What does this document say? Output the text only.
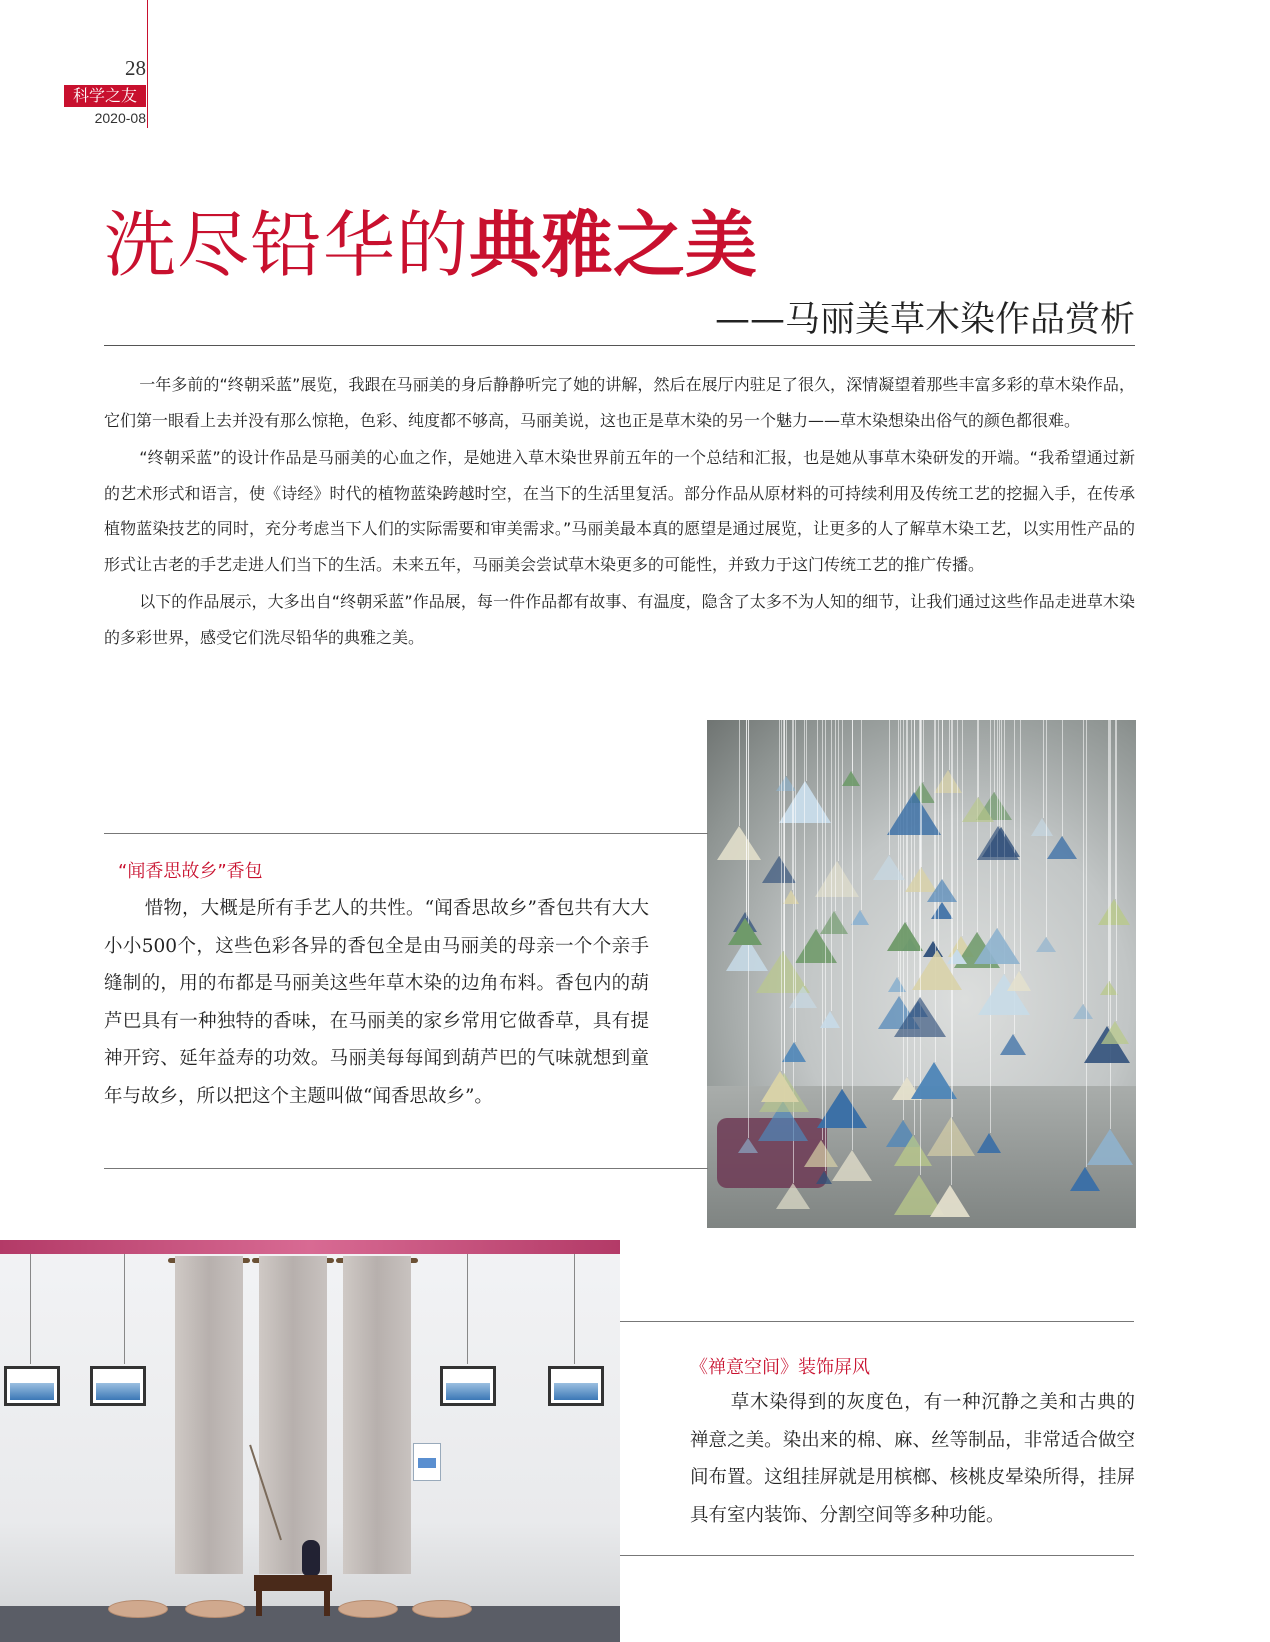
28
科学之友
2020-08
洗尽铅华的典雅之美
——马丽美草木染作品赏析

一年多前的“终朝采蓝”展览，我跟在马丽美的身后静静听完了她的讲解，然后在展厅内驻足了很久，深情凝望着那些丰富多彩的草木染作品，它们第一眼看上去并没有那么惊艳，色彩、纯度都不够高，马丽美说，这也正是草木染的另一个魅力——草木染想染出俗气的颜色都很难。

“终朝采蓝”的设计作品是马丽美的心血之作，是她进入草木染世界前五年的一个总结和汇报，也是她从事草木染研发的开端。“我希望通过新的艺术形式和语言，使《诗经》时代的植物蓝染跨越时空，在当下的生活里复活。部分作品从原材料的可持续利用及传统工艺的挖掘入手，在传承植物蓝染技艺的同时，充分考虑当下人们的实际需要和审美需求。”马丽美最本真的愿望是通过展览，让更多的人了解草木染工艺，以实用性产品的形式让古老的手艺走进人们当下的生活。未来五年，马丽美会尝试草木染更多的可能性，并致力于这门传统工艺的推广传播。

以下的作品展示，大多出自“终朝采蓝”作品展，每一件作品都有故事、有温度，隐含了太多不为人知的细节，让我们通过这些作品走进草木染的多彩世界，感受它们洗尽铅华的典雅之美。

“闻香思故乡”香包

惜物，大概是所有手艺人的共性。“闻香思故乡”香包共有大大小小500个，这些色彩各异的香包全是由马丽美的母亲一个个亲手缝制的，用的布都是马丽美这些年草木染的边角布料。香包内的葫芦巴具有一种独特的香味，在马丽美的家乡常用它做香草，具有提神开窍、延年益寿的功效。马丽美每每闻到葫芦巴的气味就想到童年与故乡，所以把这个主题叫做“闻香思故乡”。

《禅意空间》装饰屏风

草木染得到的灰度色，有一种沉静之美和古典的禅意之美。染出来的棉、麻、丝等制品，非常适合做空间布置。这组挂屏就是用槟榔、核桃皮晕染所得，挂屏具有室内装饰、分割空间等多种功能。
